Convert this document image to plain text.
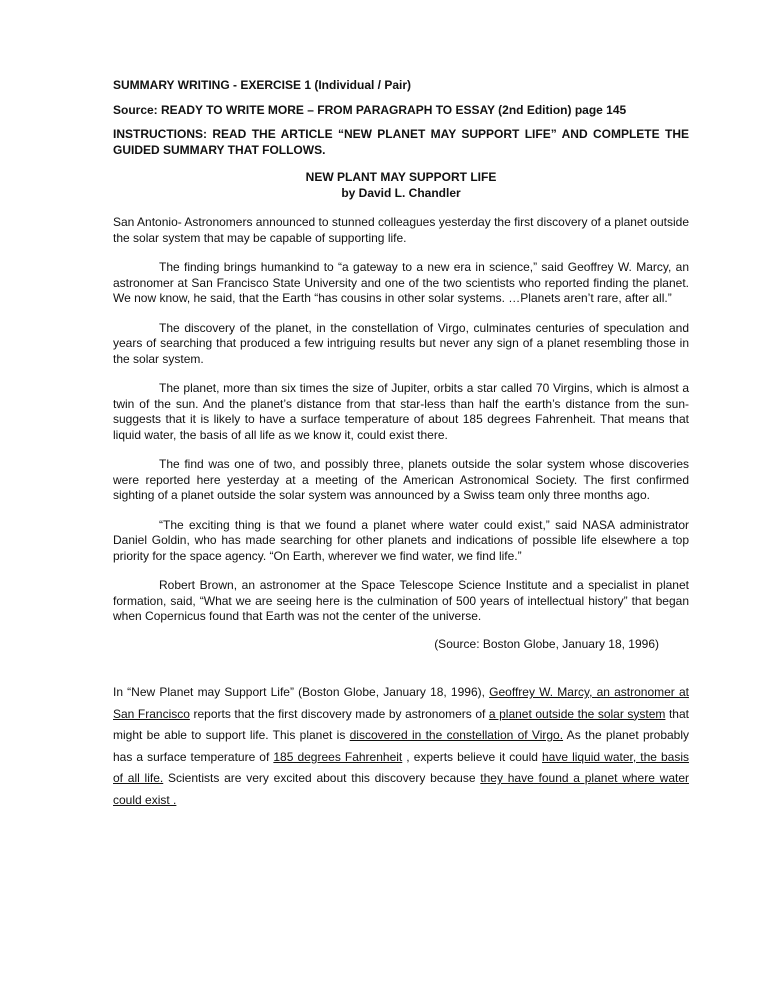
SUMMARY WRITING - EXERCISE 1 (Individual / Pair)

Source: READY TO WRITE MORE – FROM PARAGRAPH TO ESSAY (2nd Edition) page 145

INSTRUCTIONS: READ THE ARTICLE “NEW PLANET MAY SUPPORT LIFE” AND COMPLETE THE GUIDED SUMMARY THAT FOLLOWS.

NEW PLANT MAY SUPPORT LIFE

by David L. Chandler

San Antonio- Astronomers announced to stunned colleagues yesterday the first discovery of a planet outside the solar system that may be capable of supporting life.

The finding brings humankind to “a gateway to a new era in science,” said Geoffrey W. Marcy, an astronomer at San Francisco State University and one of the two scientists who reported finding the planet. We now know, he said, that the Earth “has cousins in other solar systems. …Planets aren’t rare, after all.”

The discovery of the planet, in the constellation of Virgo, culminates centuries of speculation and years of searching that produced a few intriguing results but never any sign of a planet resembling those in the solar system.

The planet, more than six times the size of Jupiter, orbits a star called 70 Virgins, which is almost a twin of the sun. And the planet’s distance from that star-less than half the earth’s distance from the sun-suggests that it is likely to have a surface temperature of about 185 degrees Fahrenheit. That means that liquid water, the basis of all life as we know it, could exist there.

The find was one of two, and possibly three, planets outside the solar system whose discoveries were reported here yesterday at a meeting of the American Astronomical Society. The first confirmed sighting of a planet outside the solar system was announced by a Swiss team only three months ago.

“The exciting thing is that we found a planet where water could exist,” said NASA administrator Daniel Goldin, who has made searching for other planets and indications of possible life elsewhere a top priority for the space agency. “On Earth, wherever we find water, we find life.”

Robert Brown, an astronomer at the Space Telescope Science Institute and a specialist in planet formation, said, “What we are seeing here is the culmination of 500 years of intellectual history” that began when Copernicus found that Earth was not the center of the universe.

(Source: Boston Globe, January 18, 1996)

In “New Planet may Support Life” (Boston Globe, January 18, 1996), Geoffrey W. Marcy, an astronomer at San Francisco reports that the first discovery made by astronomers of a planet outside the solar system that might be able to support life. This planet is discovered in the constellation of Virgo. As the planet probably has a surface temperature of 185 degrees Fahrenheit , experts believe it could have liquid water, the basis of all life. Scientists are very excited about this discovery because they have found a planet where water could exist .
